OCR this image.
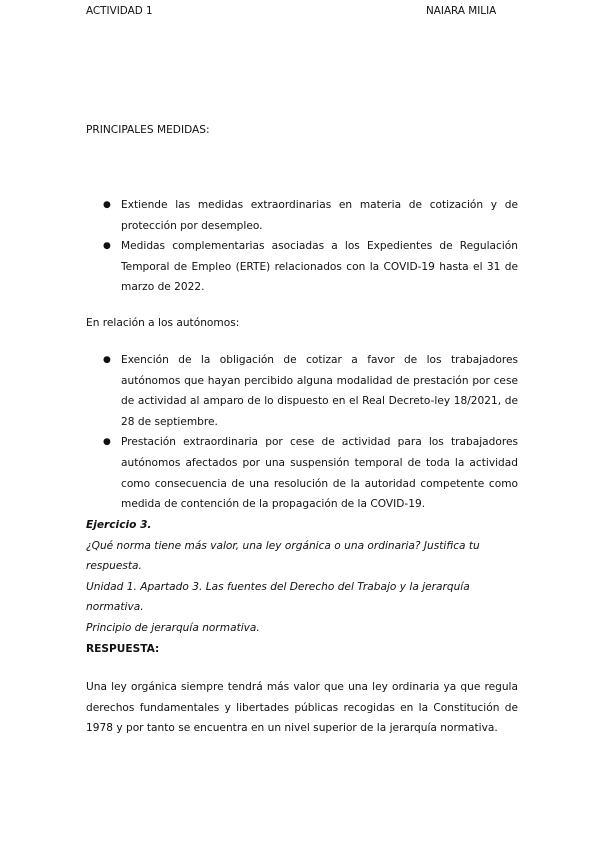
ACTIVIDAD 1	NAIARA MILIA
PRINCIPALES MEDIDAS:
● Extiende las medidas extraordinarias en materia de cotización y de protección por desempleo.
● Medidas complementarias asociadas a los Expedientes de Regulación Temporal de Empleo (ERTE) relacionados con la COVID-19 hasta el 31 de marzo de 2022.
En relación a los autónomos:
● Exención de la obligación de cotizar a favor de los trabajadores autónomos que hayan percibido alguna modalidad de prestación por cese de actividad al amparo de lo dispuesto en el Real Decreto-ley 18/2021, de 28 de septiembre.
● Prestación extraordinaria por cese de actividad para los trabajadores autónomos afectados por una suspensión temporal de toda la actividad como consecuencia de una resolución de la autoridad competente como medida de contención de la propagación de la COVID-19.
Ejercicio 3.
¿Qué norma tiene más valor, una ley orgánica o una ordinaria? Justifica tu respuesta.
Unidad 1. Apartado 3. Las fuentes del Derecho del Trabajo y la jerarquía normativa.
Principio de jerarquía normativa.
RESPUESTA:
Una ley orgánica siempre tendrá más valor que una ley ordinaria ya que regula derechos fundamentales y libertades públicas recogidas en la Constitución de 1978 y por tanto se encuentra en un nivel superior de la jerarquía normativa.
